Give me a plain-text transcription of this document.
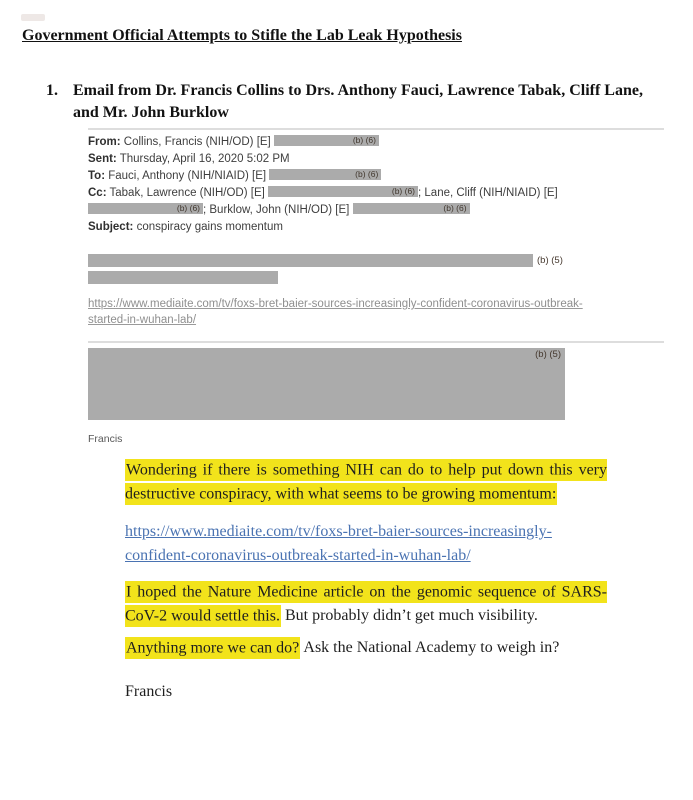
Government Official Attempts to Stifle the Lab Leak Hypothesis
1. Email from Dr. Francis Collins to Drs. Anthony Fauci, Lawrence Tabak, Cliff Lane,
and Mr. John Burklow
From: Collins, Francis (NIH/OD) [E]	(b) (6)
Sent: Thursday, April 16, 2020 5:02 PM
To: Fauci, Anthony (NIH/NIAID) [E]	(b) (6)
Cc: Tabak, Lawrence (NIH/OD) [E]	(b) (6) ; Lane, Cliff (NIH/NIAID) [E]
(b) (6) ; Burklow, John (NIH/OD) [E]	(b) (6)
Subject: conspiracy gains momentum
(b) (5)
https://www.mediaite.com/tv/foxs-bret-baier-sources-increasingly-confident-coronavirus-outbreak-
started-in-wuhan-lab/
(b) (5)
Francis

Wondering if there is something NIH can do to help put down this very destructive conspiracy, with what seems to be growing momentum:

https://www.mediaite.com/tv/foxs-bret-baier-sources-increasingly-
confident-coronavirus-outbreak-started-in-wuhan-lab/

I hoped the Nature Medicine article on the genomic sequence of SARS-CoV-2 would settle this. But probably didn’t get much visibility.

Anything more we can do? Ask the National Academy to weigh in?

Francis
